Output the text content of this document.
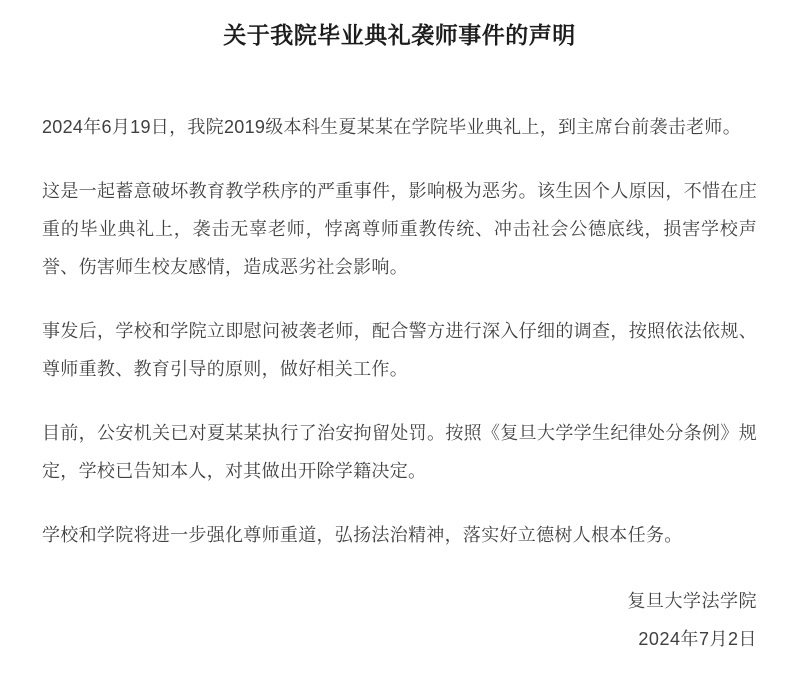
关于我院毕业典礼袭师事件的声明

2024年6月19日，我院2019级本科生夏某某在学院毕业典礼上，到主席台前袭击老师。

这是一起蓄意破坏教育教学秩序的严重事件，影响极为恶劣。该生因个人原因，不惜在庄重的毕业典礼上，袭击无辜老师，悖离尊师重教传统、冲击社会公德底线，损害学校声誉、伤害师生校友感情，造成恶劣社会影响。

事发后，学校和学院立即慰问被袭老师，配合警方进行深入仔细的调查，按照依法依规、尊师重教、教育引导的原则，做好相关工作。

目前，公安机关已对夏某某执行了治安拘留处罚。按照《复旦大学学生纪律处分条例》规定，学校已告知本人，对其做出开除学籍决定。

学校和学院将进一步强化尊师重道，弘扬法治精神，落实好立德树人根本任务。

复旦大学法学院

2024年7月2日
